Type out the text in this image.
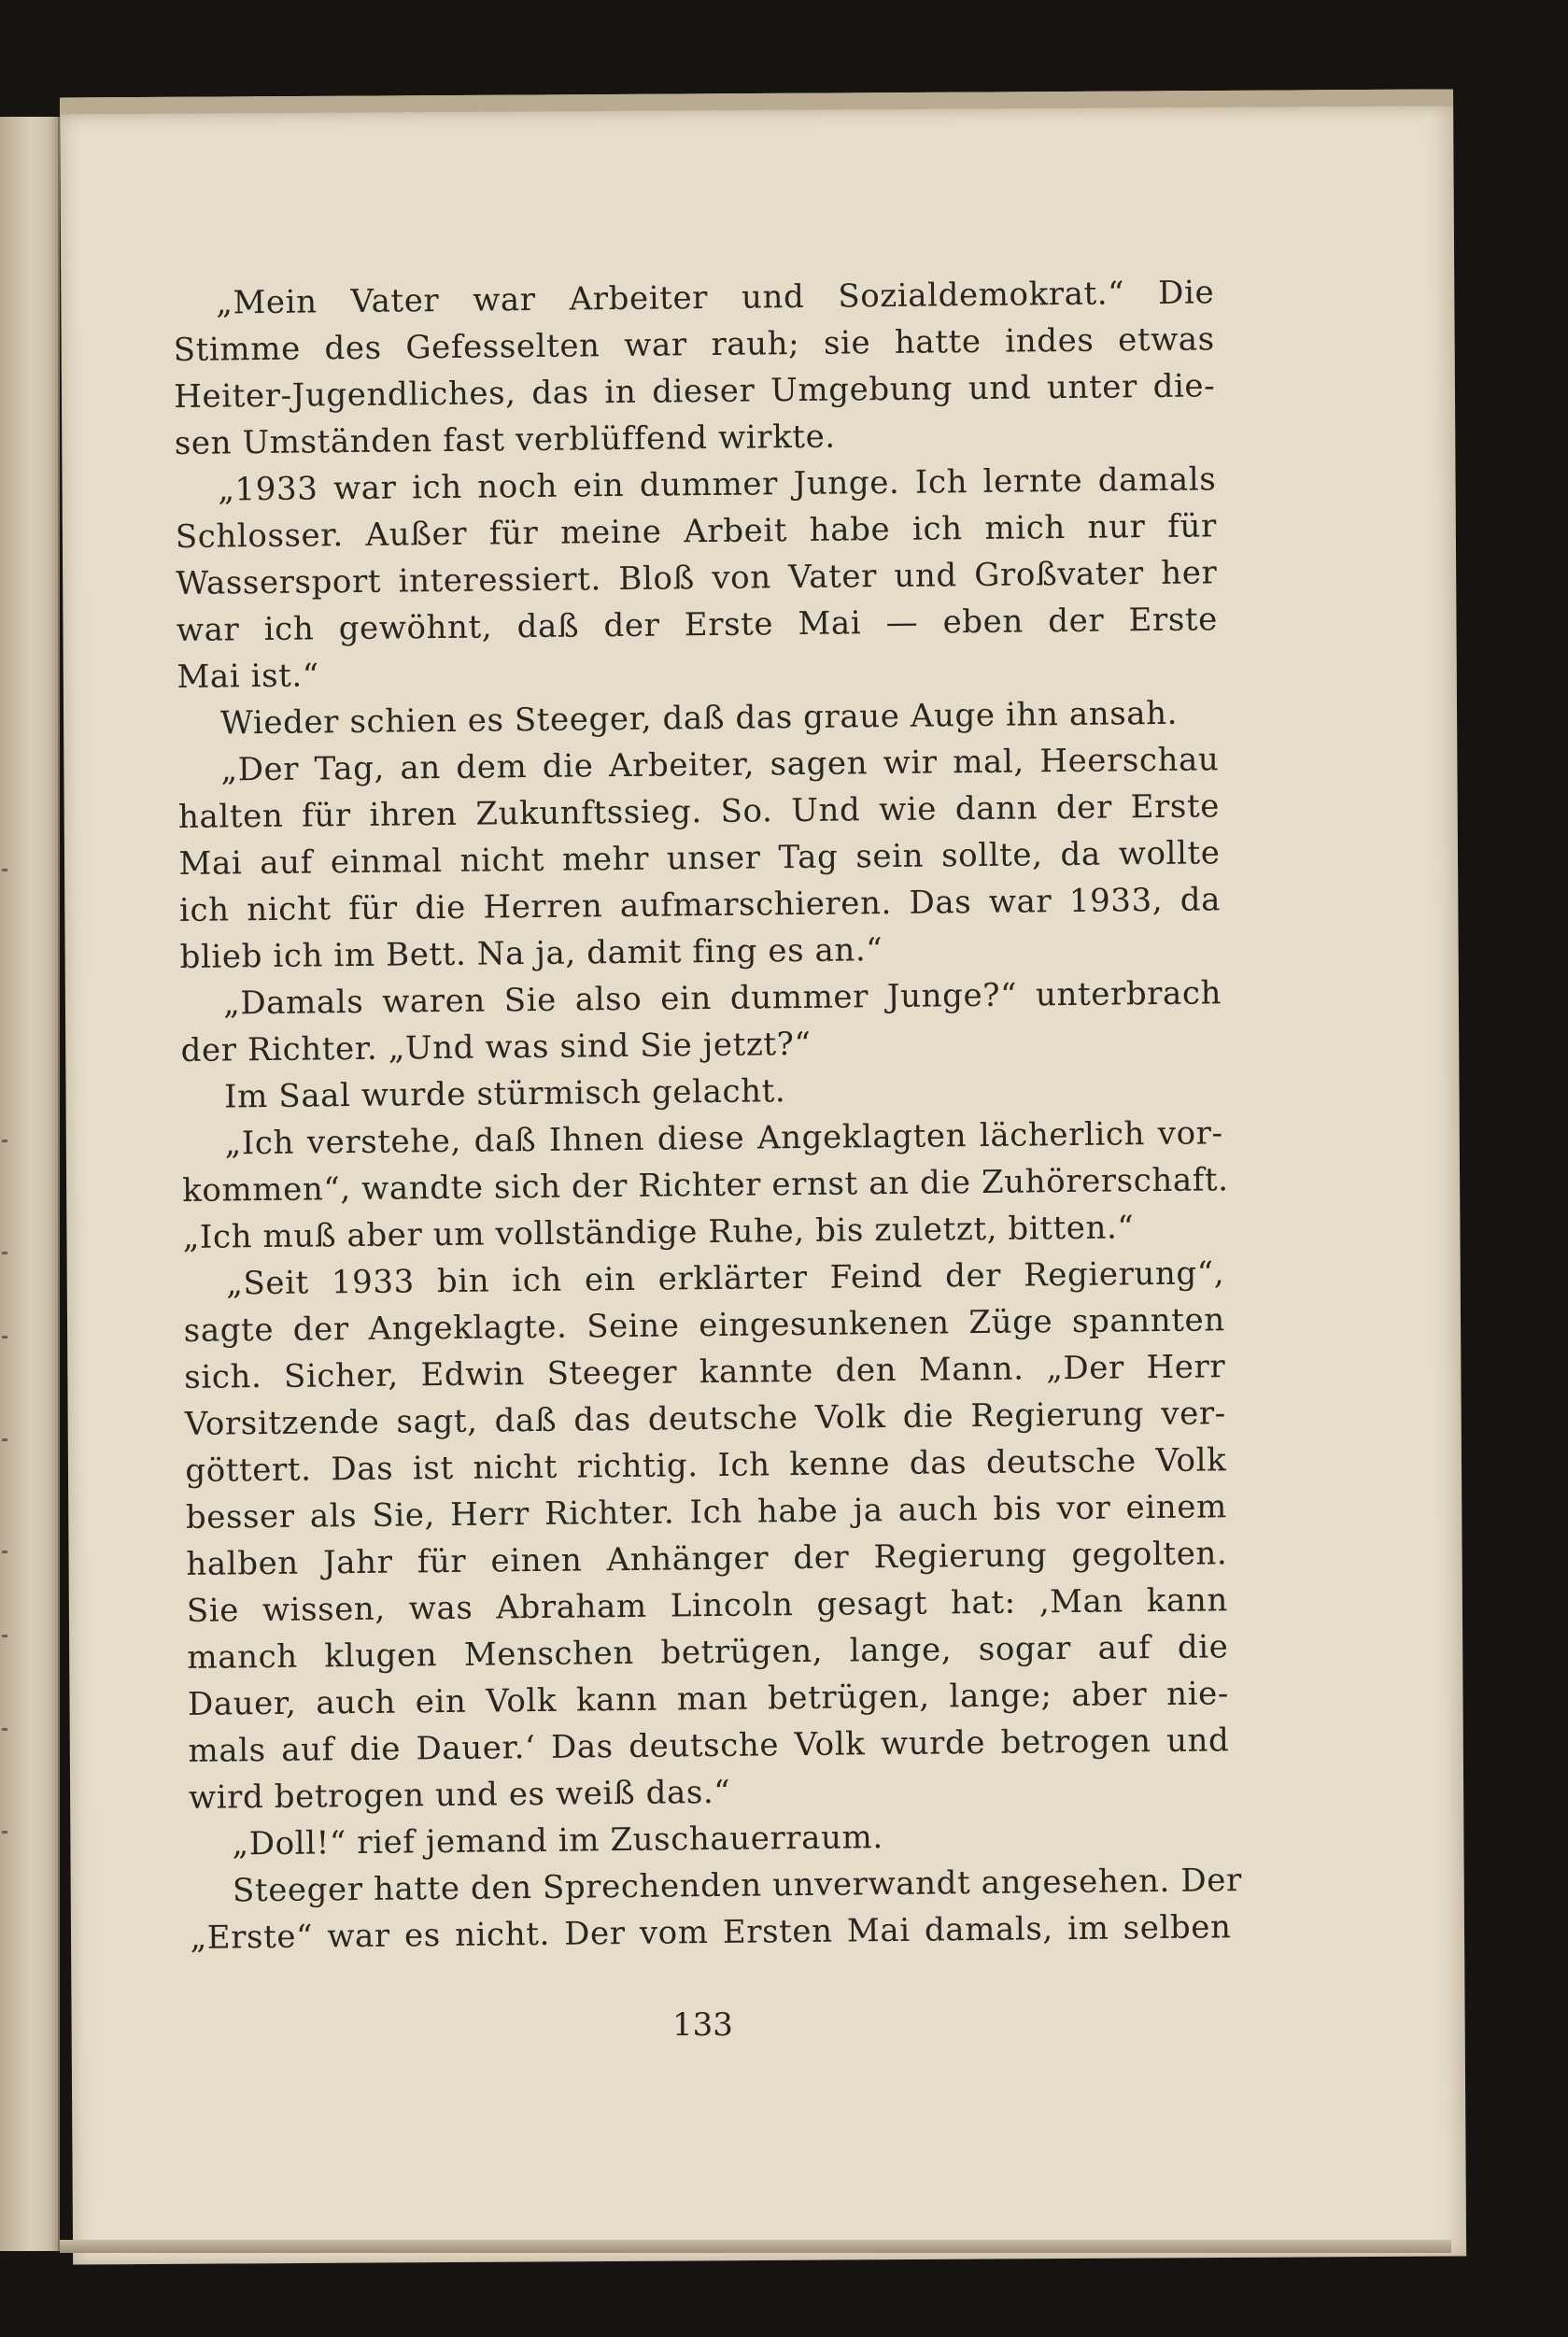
„Mein Vater war Arbeiter und Sozialdemokrat.“ Die
Stimme des Gefesselten war rauh; sie hatte indes etwas
Heiter-Jugendliches, das in dieser Umgebung und unter die-
sen Umständen fast verblüffend wirkte.
„1933 war ich noch ein dummer Junge. Ich lernte damals
Schlosser. Außer für meine Arbeit habe ich mich nur für
Wassersport interessiert. Bloß von Vater und Großvater her
war ich gewöhnt, daß der Erste Mai — eben der Erste
Mai ist.“
Wieder schien es Steeger, daß das graue Auge ihn ansah.
„Der Tag, an dem die Arbeiter, sagen wir mal, Heerschau
halten für ihren Zukunftssieg. So. Und wie dann der Erste
Mai auf einmal nicht mehr unser Tag sein sollte, da wollte
ich nicht für die Herren aufmarschieren. Das war 1933, da
blieb ich im Bett. Na ja, damit fing es an.“
„Damals waren Sie also ein dummer Junge?“ unterbrach
der Richter. „Und was sind Sie jetzt?“
Im Saal wurde stürmisch gelacht.
„Ich verstehe, daß Ihnen diese Angeklagten lächerlich vor-
kommen“, wandte sich der Richter ernst an die Zuhörerschaft.
„Ich muß aber um vollständige Ruhe, bis zuletzt, bitten.“
„Seit 1933 bin ich ein erklärter Feind der Regierung“,
sagte der Angeklagte. Seine eingesunkenen Züge spannten
sich. Sicher, Edwin Steeger kannte den Mann. „Der Herr
Vorsitzende sagt, daß das deutsche Volk die Regierung ver-
göttert. Das ist nicht richtig. Ich kenne das deutsche Volk
besser als Sie, Herr Richter. Ich habe ja auch bis vor einem
halben Jahr für einen Anhänger der Regierung gegolten.
Sie wissen, was Abraham Lincoln gesagt hat: ‚Man kann
manch klugen Menschen betrügen, lange, sogar auf die
Dauer, auch ein Volk kann man betrügen, lange; aber nie-
mals auf die Dauer.‘ Das deutsche Volk wurde betrogen und
wird betrogen und es weiß das.“
„Doll!“ rief jemand im Zuschauerraum.
Steeger hatte den Sprechenden unverwandt angesehen. Der
„Erste“ war es nicht. Der vom Ersten Mai damals, im selben
133
